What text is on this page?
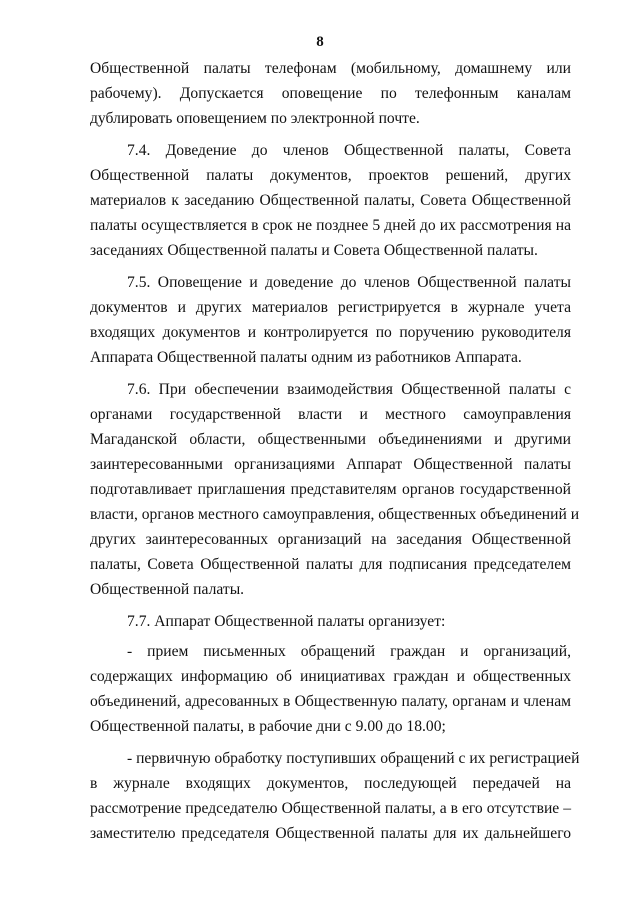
8
Общественной палаты телефонам (мобильному, домашнему или
рабочему). Допускается оповещение по телефонным каналам
дублировать оповещением по электронной почте.
7.4. Доведение до членов Общественной палаты, Совета
Общественной палаты документов, проектов решений, других
материалов к заседанию Общественной палаты, Совета Общественной
палаты осуществляется в срок не позднее 5 дней до их рассмотрения на
заседаниях Общественной палаты и Совета Общественной палаты.
7.5. Оповещение и доведение до членов Общественной палаты
документов и других материалов регистрируется в журнале учета
входящих документов и контролируется по поручению руководителя
Аппарата Общественной палаты одним из работников Аппарата.
7.6. При обеспечении взаимодействия Общественной палаты с
органами государственной власти и местного самоуправления
Магаданской области, общественными объединениями и другими
заинтересованными организациями Аппарат Общественной палаты
подготавливает приглашения представителям органов государственной
власти, органов местного самоуправления, общественных объединений и
других заинтересованных организаций на заседания Общественной
палаты, Совета Общественной палаты для подписания председателем
Общественной палаты.
7.7. Аппарат Общественной палаты организует:
- прием письменных обращений граждан и организаций,
содержащих информацию об инициативах граждан и общественных
объединений, адресованных в Общественную палату, органам и членам
Общественной палаты, в рабочие дни с 9.00 до 18.00;
- первичную обработку поступивших обращений с их регистрацией
в журнале входящих документов, последующей передачей на
рассмотрение председателю Общественной палаты, а в его отсутствие –
заместителю председателя Общественной палаты для их дальнейшего
